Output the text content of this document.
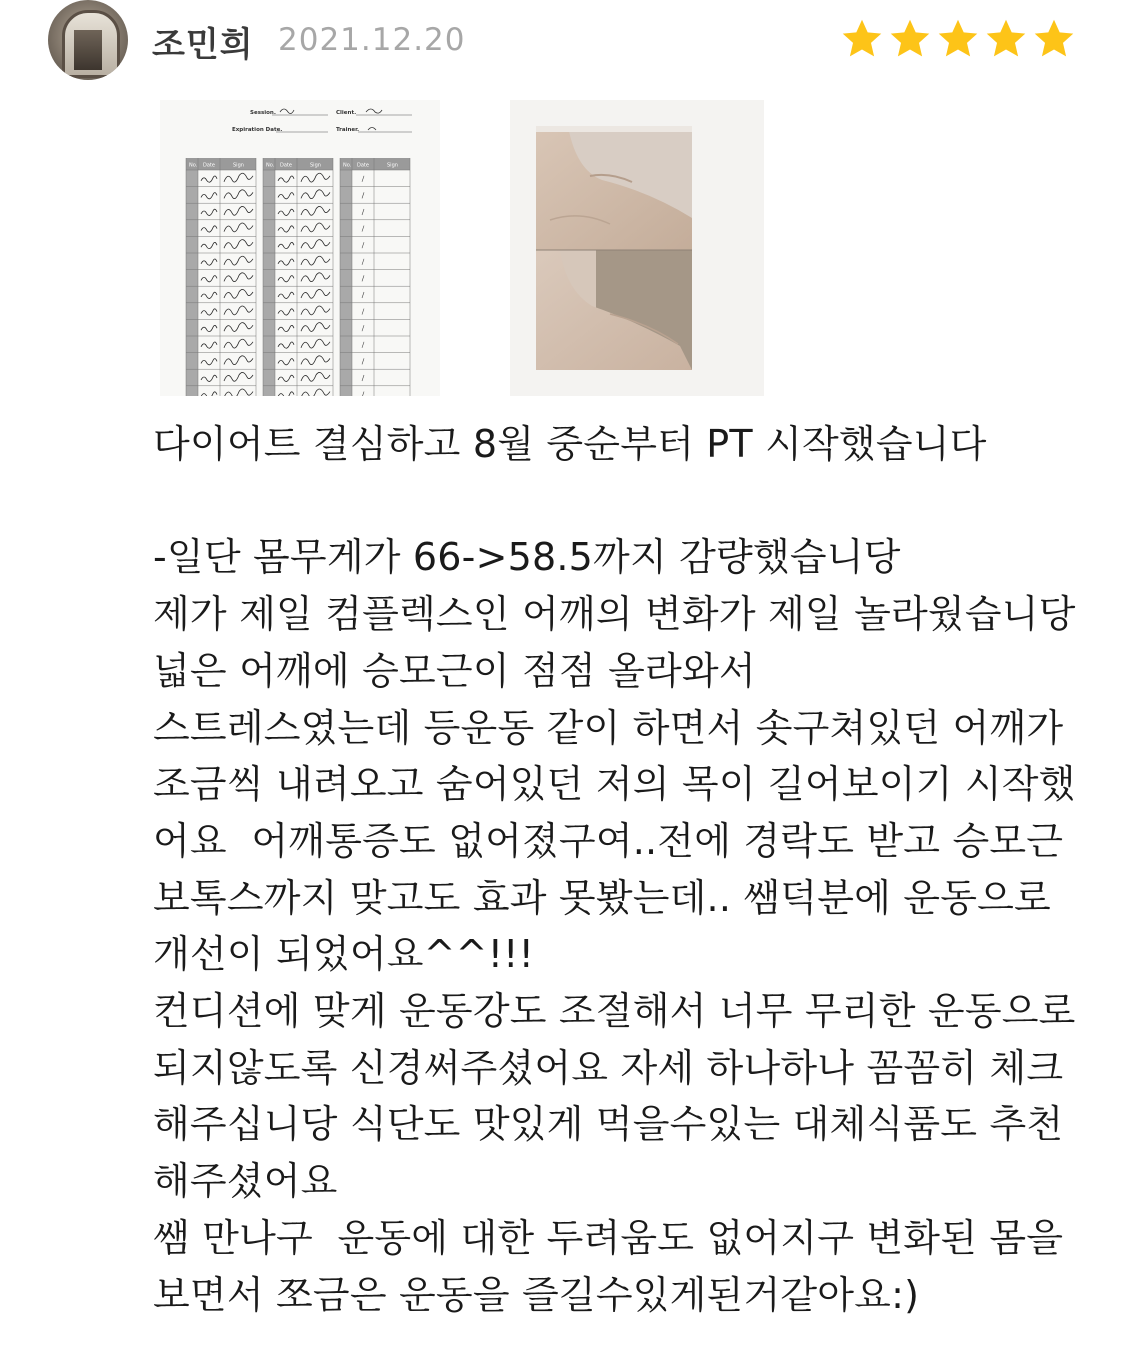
조민희 2021.12.20
Session.	Client.
Expiration Date.	Trainer.
No. Date	Sign	No. Date	Sign	No. Date	Sign
다이어트 결심하고 8월 중순부터 PT 시작했습니다
-일단 몸무게가 66->58.5까지 감량했습니당
제가 제일 컴플렉스인 어깨의 변화가 제일 놀라웠습니당
넓은 어깨에 승모근이 점점 올라와서
스트레스였는데 등운동 같이 하면서 솟구쳐있던 어깨가
조금씩 내려오고 숨어있던 저의 목이 길어보이기 시작했
어요  어깨통증도 없어졌구여..전에 경락도 받고 승모근
보톡스까지 맞고도 효과 못봤는데.. 쌤덕분에 운동으로
개선이 되었어요^^!!!
컨디션에 맞게 운동강도 조절해서 너무 무리한 운동으로
되지않도록 신경써주셨어요 자세 하나하나 꼼꼼히 체크
해주십니당 식단도 맛있게 먹을수있는 대체식품도 추천
해주셨어요
쌤 만나구  운동에 대한 두려움도 없어지구 변화된 몸을
보면서 쪼금은 운동을 즐길수있게된거같아요:)
